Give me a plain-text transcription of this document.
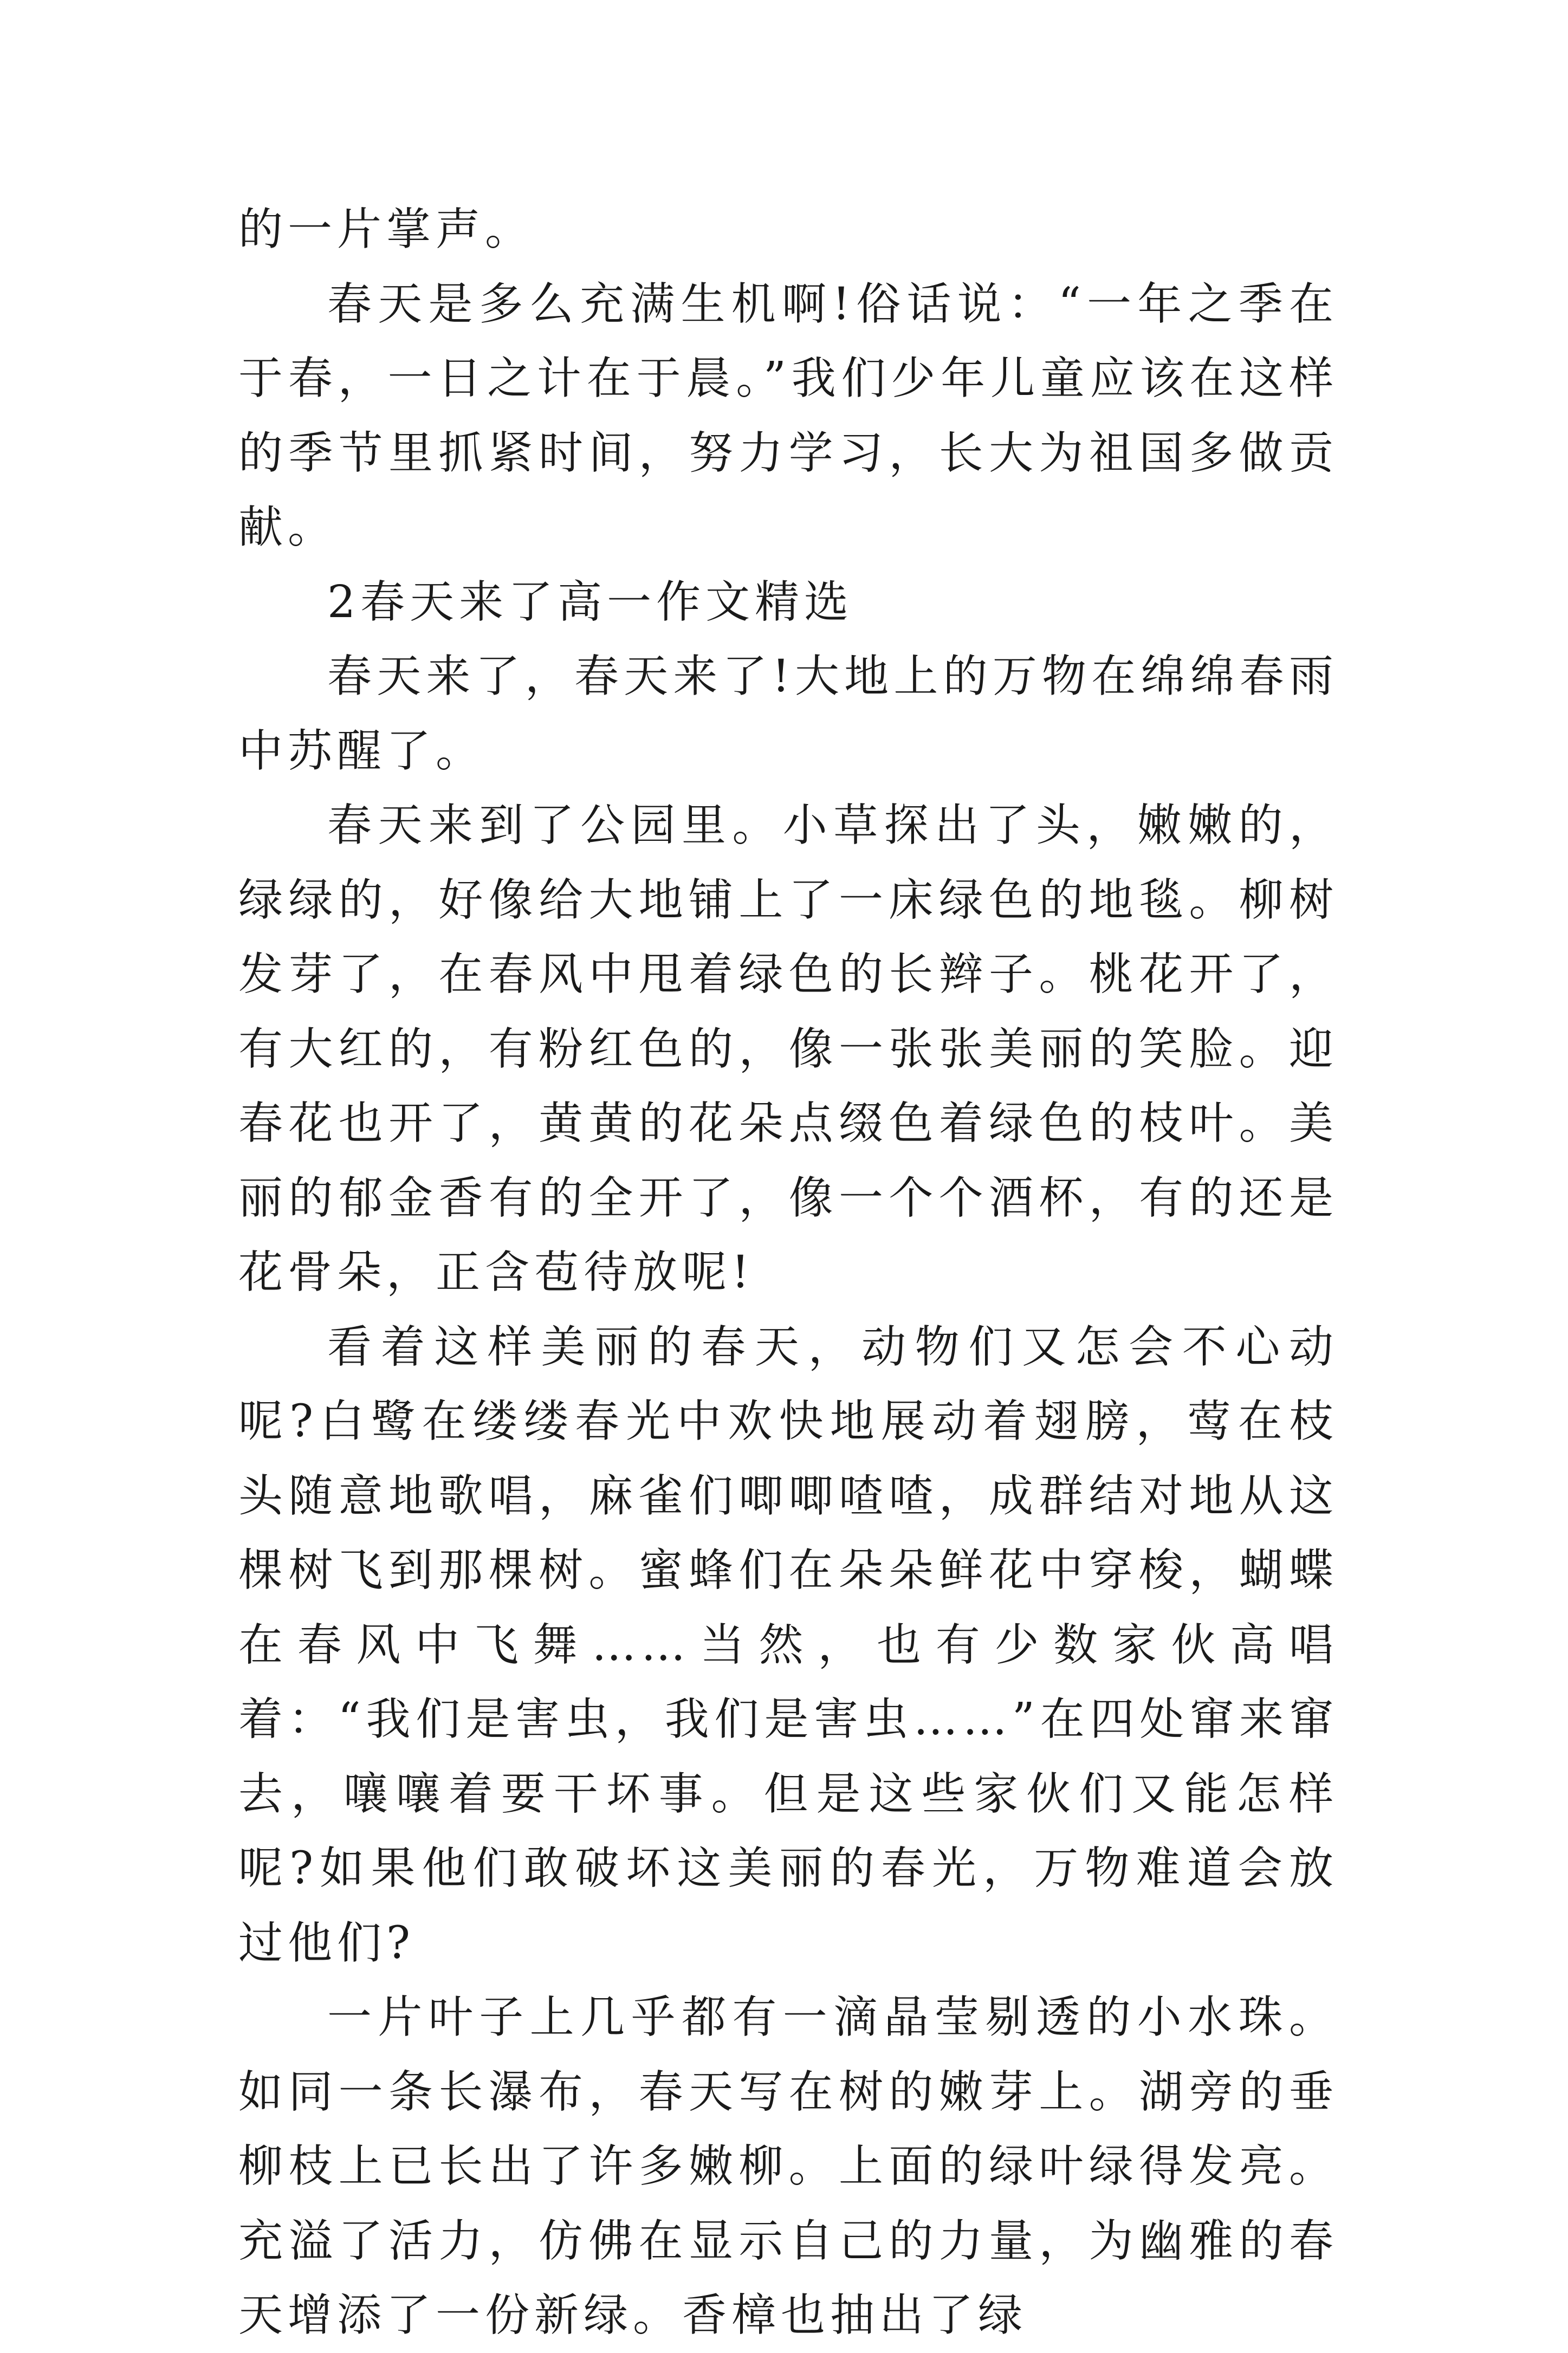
的一片掌声。

春天是多么充满生机啊!俗话说：“一年之季在于春，一日之计在于晨。”我们少年儿童应该在这样的季节里抓紧时间，努力学习，长大为祖国多做贡献。

2春天来了高一作文精选

春天来了，春天来了!大地上的万物在绵绵春雨中苏醒了。

春天来到了公园里。小草探出了头，嫩嫩的，绿绿的，好像给大地铺上了一床绿色的地毯。柳树发芽了，在春风中甩着绿色的长辫子。桃花开了，有大红的，有粉红色的，像一张张美丽的笑脸。迎春花也开了，黄黄的花朵点缀色着绿色的枝叶。美丽的郁金香有的全开了，像一个个酒杯，有的还是花骨朵，正含苞待放呢!

看着这样美丽的春天，动物们又怎会不心动呢?白鹭在缕缕春光中欢快地展动着翅膀，莺在枝头随意地歌唱，麻雀们唧唧喳喳，成群结对地从这棵树飞到那棵树。蜜蜂们在朵朵鲜花中穿梭，蝴蝶在春风中飞舞……当然，也有少数家伙高唱着：“我们是害虫，我们是害虫……”在四处窜来窜去，嚷嚷着要干坏事。但是这些家伙们又能怎样呢?如果他们敢破坏这美丽的春光，万物难道会放过他们?

一片叶子上几乎都有一滴晶莹剔透的小水珠。如同一条长瀑布，春天写在树的嫩芽上。湖旁的垂柳枝上已长出了许多嫩柳。上面的绿叶绿得发亮。充溢了活力，仿佛在显示自己的力量，为幽雅的春天增添了一份新绿。香樟也抽出了绿
